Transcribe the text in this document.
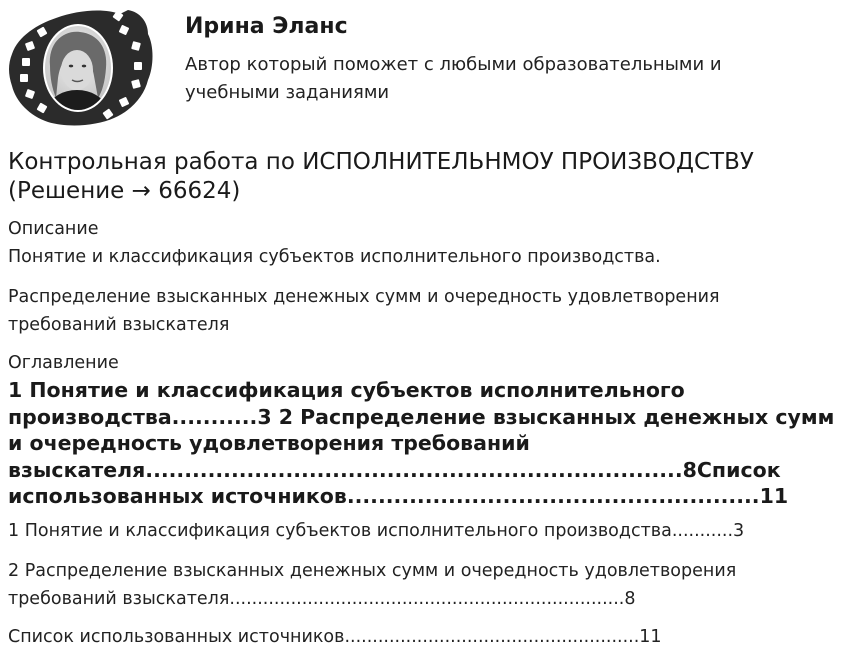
Ирина Эланс
Автор который поможет с любыми образовательными и учебными заданиями
Контрольная работа по ИСПОЛНИТЕЛЬНМОУ ПРОИЗВОДСТВУ (Решение → 66624)
Описание
Понятие и классификация субъектов исполнительного производства.
Распределение взысканных денежных сумм и очередность удовлетворения требований взыскателя
Оглавление
1 Понятие и классификация субъектов исполнительного производства...........3 2 Распределение взысканных денежных сумм и очередность удовлетворения требований взыскателя.....................................................................8Список использованных источников.....................................................11
1 Понятие и классификация субъектов исполнительного производства...........3
2 Распределение взысканных денежных сумм и очередность удовлетворения требований взыскателя.......................................................................8
Список использованных источников.....................................................11
